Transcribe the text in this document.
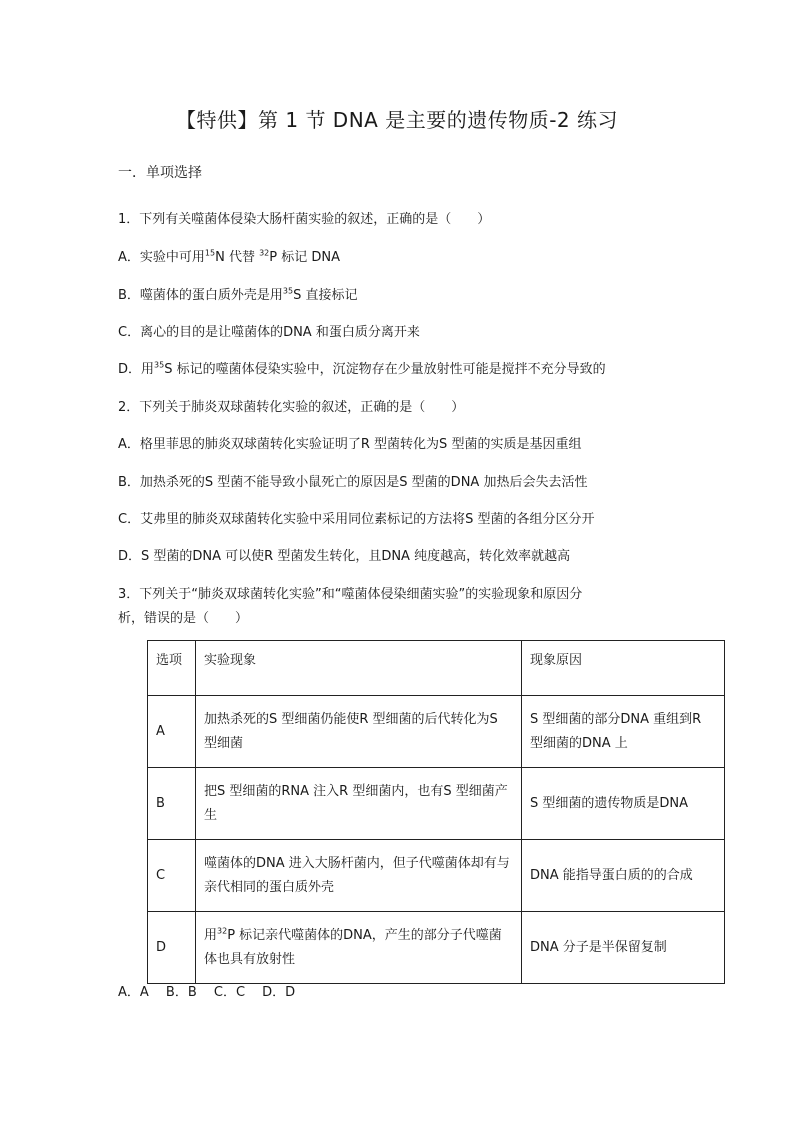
【特供】第 1 节 DNA 是主要的遗传物质-2 练习
一．单项选择
1．下列有关噬菌体侵染大肠杆菌实验的叙述，正确的是（　　）
A．实验中可用$^{15}$N 代替 $^{32}$P 标记 DNA
B．噬菌体的蛋白质外壳是用$^{35}$S 直接标记
C．离心的目的是让噬菌体的DNA 和蛋白质分离开来
D．用$^{35}$S 标记的噬菌体侵染实验中，沉淀物存在少量放射性可能是搅拌不充分导致的
2．下列关于肺炎双球菌转化实验的叙述，正确的是（　　）
A．格里菲思的肺炎双球菌转化实验证明了R 型菌转化为S 型菌的实质是基因重组
B．加热杀死的S 型菌不能导致小鼠死亡的原因是S 型菌的DNA 加热后会失去活性
C．艾弗里的肺炎双球菌转化实验中采用同位素标记的方法将S 型菌的各组分区分开
D．S 型菌的DNA 可以使R 型菌发生转化，且DNA 纯度越高，转化效率就越高
3．下列关于“肺炎双球菌转化实验”和“噬菌体侵染细菌实验”的实验现象和原因分
析，错误的是（　　）
选项	实验现象	现象原因
A	加热杀死的S 型细菌仍能使R 型细菌的后代转化为S 型细菌	S 型细菌的部分DNA 重组到R 型细菌的DNA 上
B	把S 型细菌的RNA 注入R 型细菌内，也有S 型细菌产生	S 型细菌的遗传物质是DNA
C	噬菌体的DNA 进入大肠杆菌内，但子代噬菌体却有与亲代相同的蛋白质外壳	DNA 能指导蛋白质的的合成
D	用$^{32}$P 标记亲代噬菌体的DNA，产生的部分子代噬菌体也具有放射性	DNA 分子是半保留复制
A．A　 B．B　 C．C　 D．D
